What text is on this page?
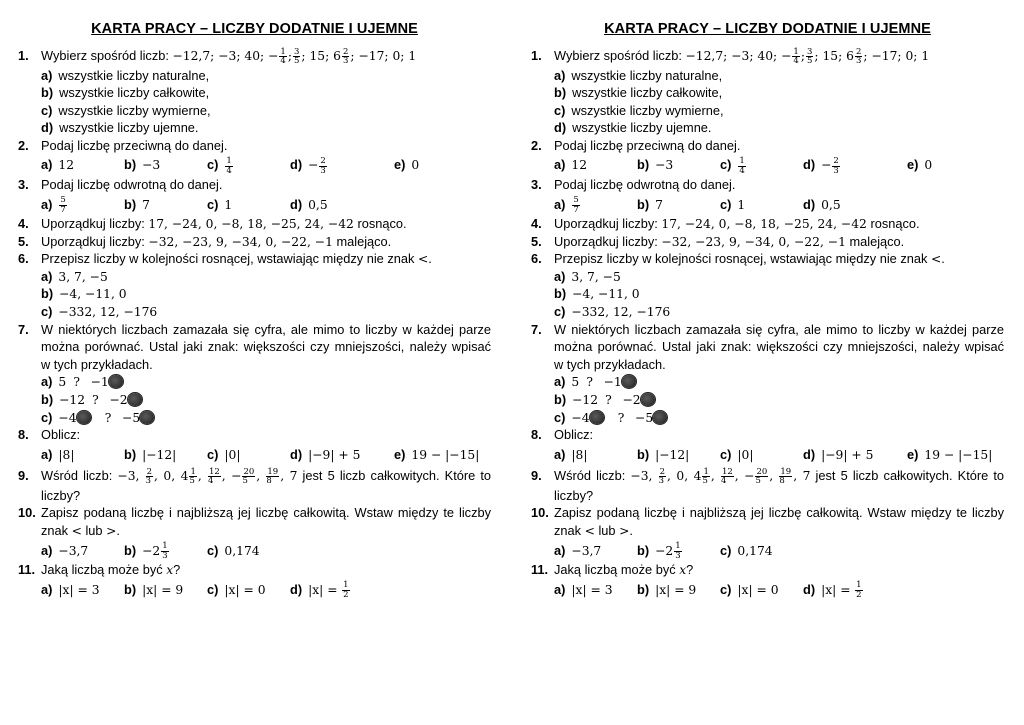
KARTA PRACY – LICZBY DODATNIE I UJEMNE
1. Wybierz spośród liczb: −12,7; −3; 40; − $\frac{1}{4}$ ; $\frac{3}{5}$ ; 15; $6 \frac{2}{3}$ ; −17; 0; 1
a) wszystkie liczby naturalne,
b) wszystkie liczby całkowite,
c) wszystkie liczby wymierne,
d) wszystkie liczby ujemne.
2. Podaj liczbę przeciwną do danej.
a) 12	b) −3	$c) \frac{1}{4}$	$d) - \frac{2}{3}$	e) 0
3. Podaj liczbę odwrotną do danej.
$a) \frac{5}{7}$	b) 7	c) 1	d) 0,5
4. Uporządkuj liczby: 17, −24, 0, −8, 18, −25, 24, −42 rosnąco.
5. Uporządkuj liczby: −32, −23, 9, −34, 0, −22, −1 malejąco.
6. Przepisz liczby w kolejności rosnącej, wstawiając między nie znak <.
a) 3, 7, −5
b) −4, −11, 0
c) −332, 12, −176
7. W niektórych liczbach zamazała się cyfra, ale mimo to liczby w każdej parze
można porównać. Ustal jaki znak: większości czy mniejszości, należy wpisać
w tych przykładach.
a) 5 ? −1
b) −12 ? −2
c) −4 ? −5
8. Oblicz:
a) |8|	b) |−12| c) |0|	d) |−9| + 5	e) 19 − |−15|
9. Wśród liczb: −3, $\frac{2}{3}$ , 0, $4 \frac{1}{5}$ , $\frac{12}{4}$ , − $\frac{20}{5}$ , $\frac{19}{8}$ , 7 jest 5 liczb całkowitych. Które to
liczby?
10. Zapisz podaną liczbę i najbliższą jej liczbę całkowitą. Wstaw między te liczby
znak < lub >.
a) −3,7	$b) -2 \frac{1}{3}$	c) 0,174
11. Jaką liczbą może być x?
a) |x| = 3 b) |x| = 9 c) |x| = 0 d) $|x| = \frac{1}{2}$
KARTA PRACY – LICZBY DODATNIE I UJEMNE
1. Wybierz spośród liczb: −12,7; −3; 40; − $\frac{1}{4}$ ; $\frac{3}{5}$ ; 15; $6 \frac{2}{3}$ ; −17; 0; 1
a) wszystkie liczby naturalne,
b) wszystkie liczby całkowite,
c) wszystkie liczby wymierne,
d) wszystkie liczby ujemne.
2. Podaj liczbę przeciwną do danej.
a) 12	b) −3	$c) \frac{1}{4}$	$d) - \frac{2}{3}$	e) 0
3. Podaj liczbę odwrotną do danej.
$a) \frac{5}{7}$	b) 7	c) 1	d) 0,5
4. Uporządkuj liczby: 17, −24, 0, −8, 18, −25, 24, −42 rosnąco.
5. Uporządkuj liczby: −32, −23, 9, −34, 0, −22, −1 malejąco.
6. Przepisz liczby w kolejności rosnącej, wstawiając między nie znak <.
a) 3, 7, −5
b) −4, −11, 0
c) −332, 12, −176
7. W niektórych liczbach zamazała się cyfra, ale mimo to liczby w każdej parze
można porównać. Ustal jaki znak: większości czy mniejszości, należy wpisać
w tych przykładach.
a) 5 ? −1
b) −12 ? −2
c) −4 ? −5
8. Oblicz:
a) |8|	b) |−12| c) |0|	d) |−9| + 5	e) 19 − |−15|
9. Wśród liczb: −3, $\frac{2}{3}$ , 0, $4 \frac{1}{5}$ , $\frac{12}{4}$ , − $\frac{20}{5}$ , $\frac{19}{8}$ , 7 jest 5 liczb całkowitych. Które to
liczby?
10. Zapisz podaną liczbę i najbliższą jej liczbę całkowitą. Wstaw między te liczby
znak < lub >.
a) −3,7	$b) -2 \frac{1}{3}$	c) 0,174
11. Jaką liczbą może być x?
a) |x| = 3 b) |x| = 9 c) |x| = 0 d) $|x| = \frac{1}{2}$
